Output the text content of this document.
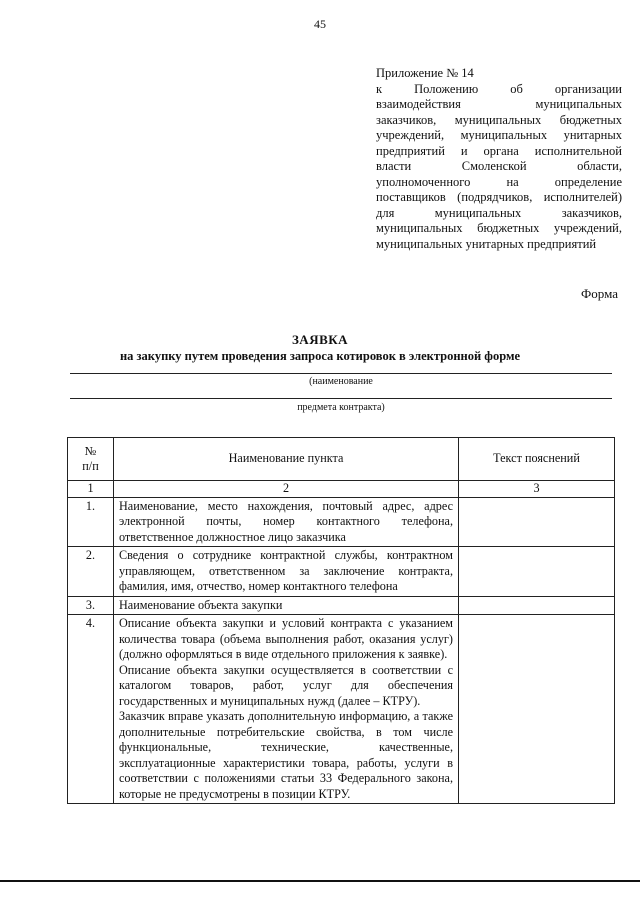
45
Приложение № 14
к Положению об организации
взаимодействия муниципальных
заказчиков, муниципальных бюджетных
учреждений, муниципальных унитарных
предприятий и органа исполнительной
власти Смоленской области,
уполномоченного на определение
поставщиков (подрядчиков, исполнителей)
для муниципальных заказчиков,
муниципальных бюджетных учреждений,
муниципальных унитарных предприятий
Форма
ЗАЯВКА
на закупку путем проведения запроса котировок в электронной форме
(наименование
предмета контракта)
№
п/п	Наименование пункта	Текст пояснений
1	2	3
1.	Наименование, место нахождения, почтовый адрес, адрес электронной почты, номер контактного телефона, ответственное должностное лицо заказчика	
2.	Сведения о сотруднике контрактной службы, контрактном управляющем, ответственном за заключение контракта, фамилия, имя, отчество, номер контактного телефона	
3.	Наименование объекта закупки	
4.	Описание объекта закупки и условий контракта с указанием количества товара (объема выполнения работ, оказания услуг) (должно оформляться в виде отдельного приложения к заявке).
Описание объекта закупки осуществляется в соответствии с каталогом товаров, работ, услуг для обеспечения государственных и муниципальных нужд (далее – КТРУ).
Заказчик вправе указать дополнительную информацию, а также дополнительные потребительские свойства, в том числе функциональные, технические, качественные, эксплуатационные характеристики товара, работы, услуги в соответствии с положениями статьи 33 Федерального закона, которые не предусмотрены в позиции КТРУ.	
